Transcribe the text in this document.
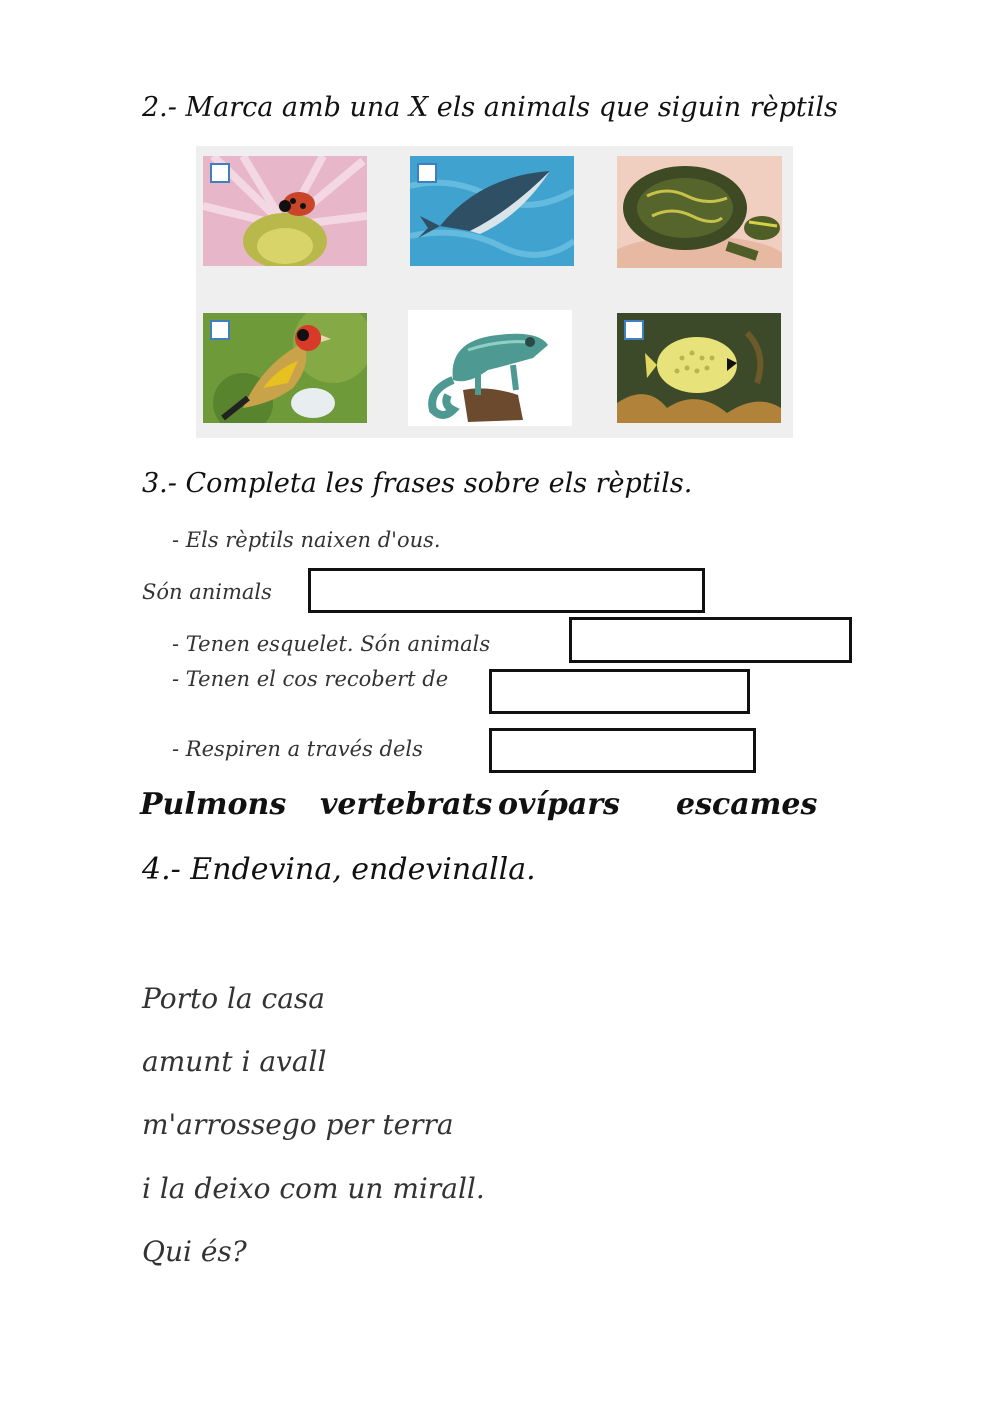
2.- Marca amb una X els animals que siguin rèptils
3.- Completa les frases sobre els rèptils.
- Els rèptils naixen d'ous.
Són animals
- Tenen esquelet. Són animals
- Tenen el cos recobert de
- Respiren a través dels
Pulmons vertebrats ovípars escames
4.- Endevina, endevinalla.
Porto la casa
amunt i avall
m'arrossego per terra
i la deixo com un mirall.
Qui és?
